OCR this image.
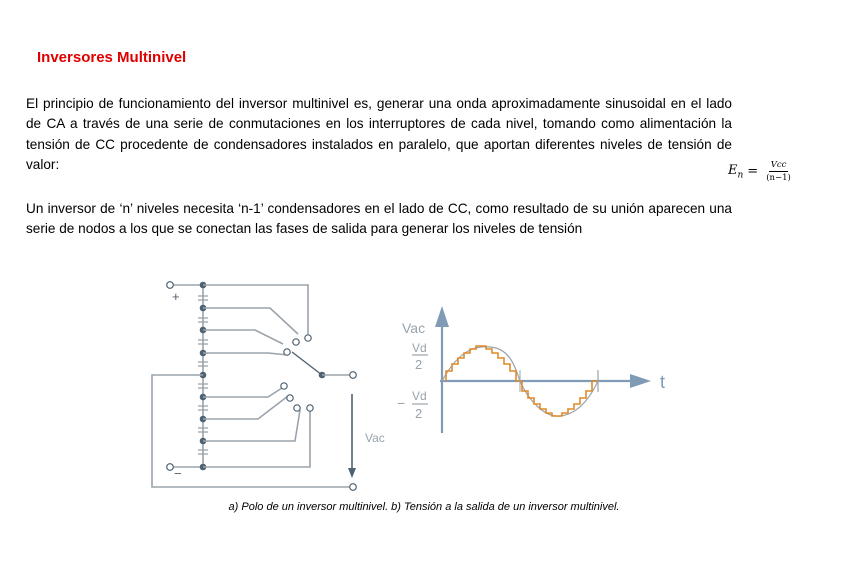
Inversores Multinivel
El principio de funcionamiento del inversor multinivel es, generar una onda aproximadamente sinusoidal en el lado de CA a través de una serie de conmutaciones en los interruptores de cada nivel, tomando como alimentación la tensión de CC procedente de condensadores instalados en paralelo, que aportan diferentes niveles de tensión de valor:	$E_n = \frac{\text{Vcc}}{(n-1)}$
Un inversor de ‘n’ niveles necesita ‘n-1’ condensadores en el lado de CC, como resultado de su unión aparecen una serie de nodos a los que se conectan las fases de salida para generar los niveles de tensión
+
−
Vac
Vac
Vd
2
− Vd
2
t
a) Polo de un inversor multinivel. b) Tensión a la salida de un inversor multinivel.
